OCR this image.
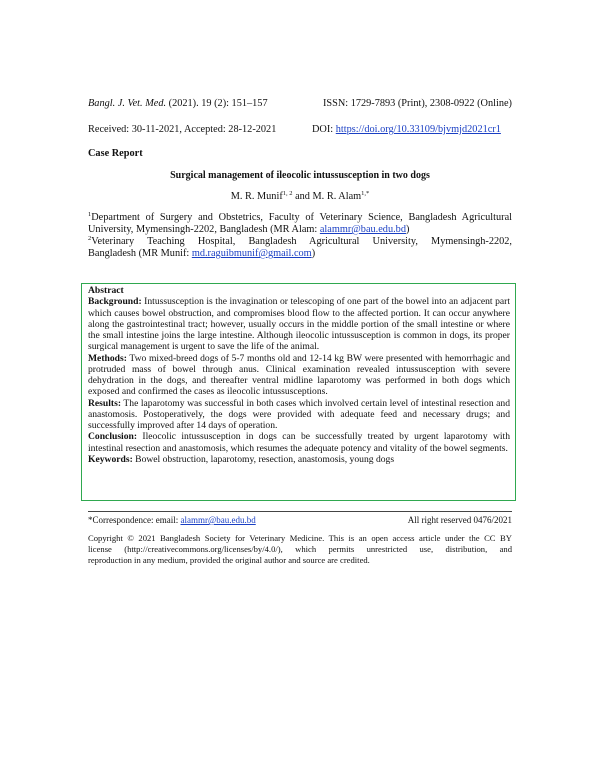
Bangl. J. Vet. Med. (2021). 19 (2): 151–157	ISSN: 1729-7893 (Print), 2308-0922 (Online)
Received: 30-11-2021, Accepted: 28-12-2021	DOI: https://doi.org/10.33109/bjvmjd2021cr1
Case Report
Surgical management of ileocolic intussusception in two dogs
M. R. Munif$^{1, 2}$ and M. R. Alam$^{1,*}$
$^1$Department of Surgery and Obstetrics, Faculty of Veterinary Science, Bangladesh Agricultural
University, Mymensingh-2202, Bangladesh (MR Alam: alammr@bau.edu.bd)
$^2$Veterinary Teaching Hospital, Bangladesh Agricultural University, Mymensingh-2202,
Bangladesh (MR Munif: md.raguibmunif@gmail.com)

Abstract

Background: Intussusception is the invagination or telescoping of one part of the bowel into an adjacent part which causes bowel obstruction, and compromises blood flow to the affected portion. It can occur anywhere along the gastrointestinal tract; however, usually occurs in the middle portion of the small intestine or where the small intestine joins the large intestine. Although ileocolic intussusception is common in dogs, its proper surgical management is urgent to save the life of the animal.

Methods: Two mixed-breed dogs of 5-7 months old and 12-14 kg BW were presented with hemorrhagic and protruded mass of bowel through anus. Clinical examination revealed intussusception with severe dehydration in the dogs, and thereafter ventral midline laparotomy was performed in both dogs which exposed and confirmed the cases as ileocolic intussusceptions.

Results: The laparotomy was successful in both cases which involved certain level of intestinal resection and anastomosis. Postoperatively, the dogs were provided with adequate feed and necessary drugs; and successfully improved after 14 days of operation.

Conclusion: Ileocolic intussusception in dogs can be successfully treated by urgent laparotomy with intestinal resection and anastomosis, which resumes the adequate potency and vitality of the bowel segments.

Keywords: Bowel obstruction, laparotomy, resection, anastomosis, young dogs

*Correspondence: email: alammr@bau.edu.bd	All right reserved 0476/2021
Copyright © 2021 Bangladesh Society for Veterinary Medicine. This is an open access article under the CC BY
license (http://creativecommons.org/licenses/by/4.0/), which permits unrestricted use, distribution, and
reproduction in any medium, provided the original author and source are credited.
